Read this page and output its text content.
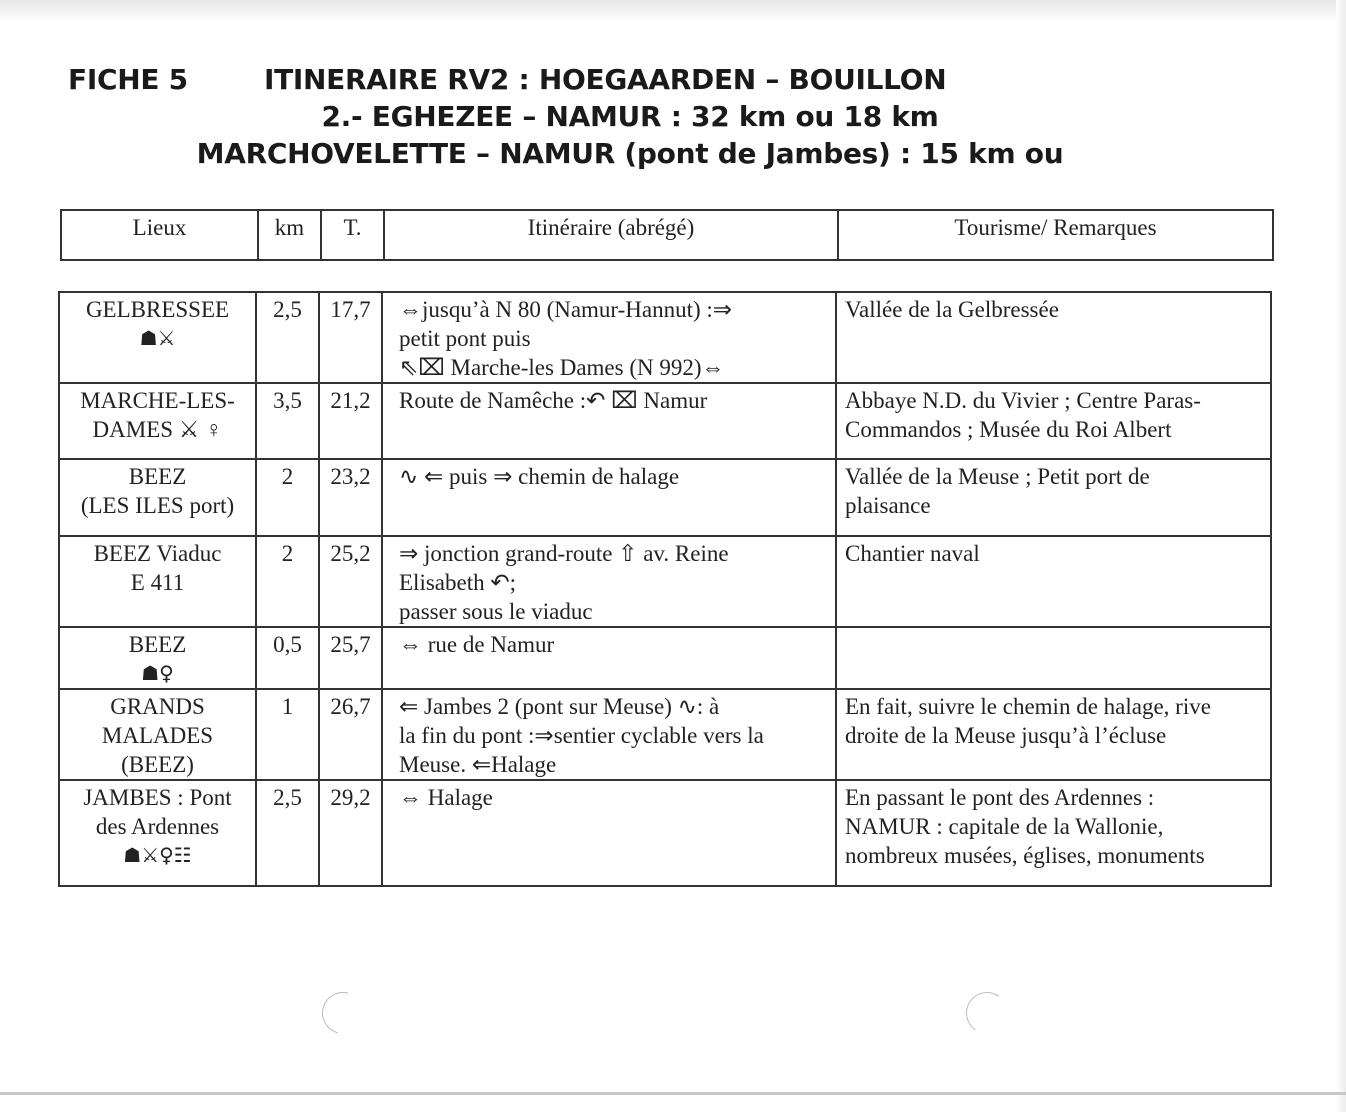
FICHE 5	ITINERAIRE RV2 : HOEGAARDEN – BOUILLON
2.- EGHEZEE – NAMUR : 32 km ou 18 km
MARCHOVELETTE – NAMUR (pont de Jambes) : 15 km ou
Lieux	km	T.	Itinéraire (abrégé)	Tourisme/ Remarques
GELBRESSEE
☗⚔	2,5	17,7	⇔jusqu’à N 80 (Namur-Hannut) :⇒
petit pont puis
⇖⌧ Marche-les Dames (N 992)⇔	Vallée de la Gelbressée

MARCHE-LES-
DAMES ⚔ ♀	3,5	21,2	Route de Namêche :↶ ⌧ Namur	Abbaye N.D. du Vivier ; Centre Paras-
Commandos ; Musée du Roi Albert

BEEZ
(LES ILES port)	2	23,2	∿ ⇐ puis ⇒ chemin de halage	Vallée de la Meuse ; Petit port de
plaisance

BEEZ Viaduc
E 411	2	25,2	⇒ jonction grand-route ⇧ av. Reine
Elisabeth ↶;
passer sous le viaduc	Chantier naval

BEEZ
☗♀	0,5	25,7	⇔ rue de Namur	

GRANDS
MALADES
(BEEZ)	1	26,7	⇐ Jambes 2 (pont sur Meuse) ∿: à
la fin du pont :⇒sentier cyclable vers la
Meuse. ⇐Halage	En fait, suivre le chemin de halage, rive
droite de la Meuse jusqu’à l’écluse

JAMBES : Pont
des Ardennes
☗⚔♀☷	2,5	29,2	⇔ Halage	En passant le pont des Ardennes :
NAMUR : capitale de la Wallonie,
nombreux musées, églises, monuments
